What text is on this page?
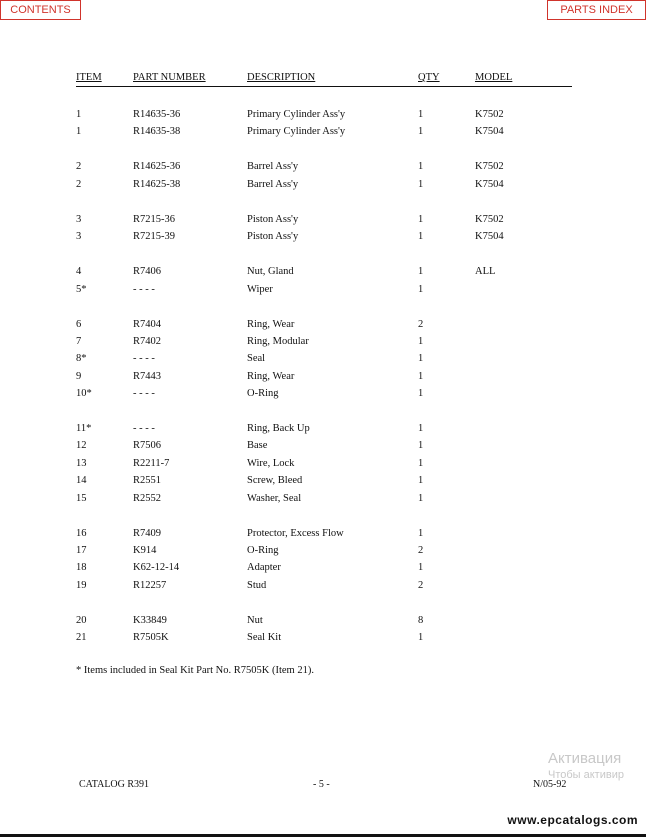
CONTENTS	PARTS INDEX
ITEM	PART NUMBER	DESCRIPTION	QTY	MODEL
1	R14635-36	Primary Cylinder Ass'y	1	K7502
1	R14635-38	Primary Cylinder Ass'y	1	K7504
2	R14625-36	Barrel Ass'y	1	K7502
2	R14625-38	Barrel Ass'y	1	K7504
3	R7215-36	Piston Ass'y	1	K7502
3	R7215-39	Piston Ass'y	1	K7504
4	R7406	Nut, Gland	1	ALL
5*	- - - -	Wiper	1
6	R7404	Ring, Wear	2
7	R7402	Ring, Modular	1
8*	- - - -	Seal	1
9	R7443	Ring, Wear	1
10*	- - - -	O-Ring	1
11*	- - - -	Ring, Back Up	1
12	R7506	Base	1
13	R2211-7	Wire, Lock	1
14	R2551	Screw, Bleed	1
15	R2552	Washer, Seal	1
16	R7409	Protector, Excess Flow	1
17	K914	O-Ring	2
18	K62-12-14	Adapter	1
19	R12257	Stud	2
20	K33849	Nut	8
21	R7505K	Seal Kit	1
* Items included in Seal Kit Part No. R7505K (Item 21).
CATALOG R391	- 5 -	N/05-92
Активация
Чтобы активир
www.epcatalogs.com
